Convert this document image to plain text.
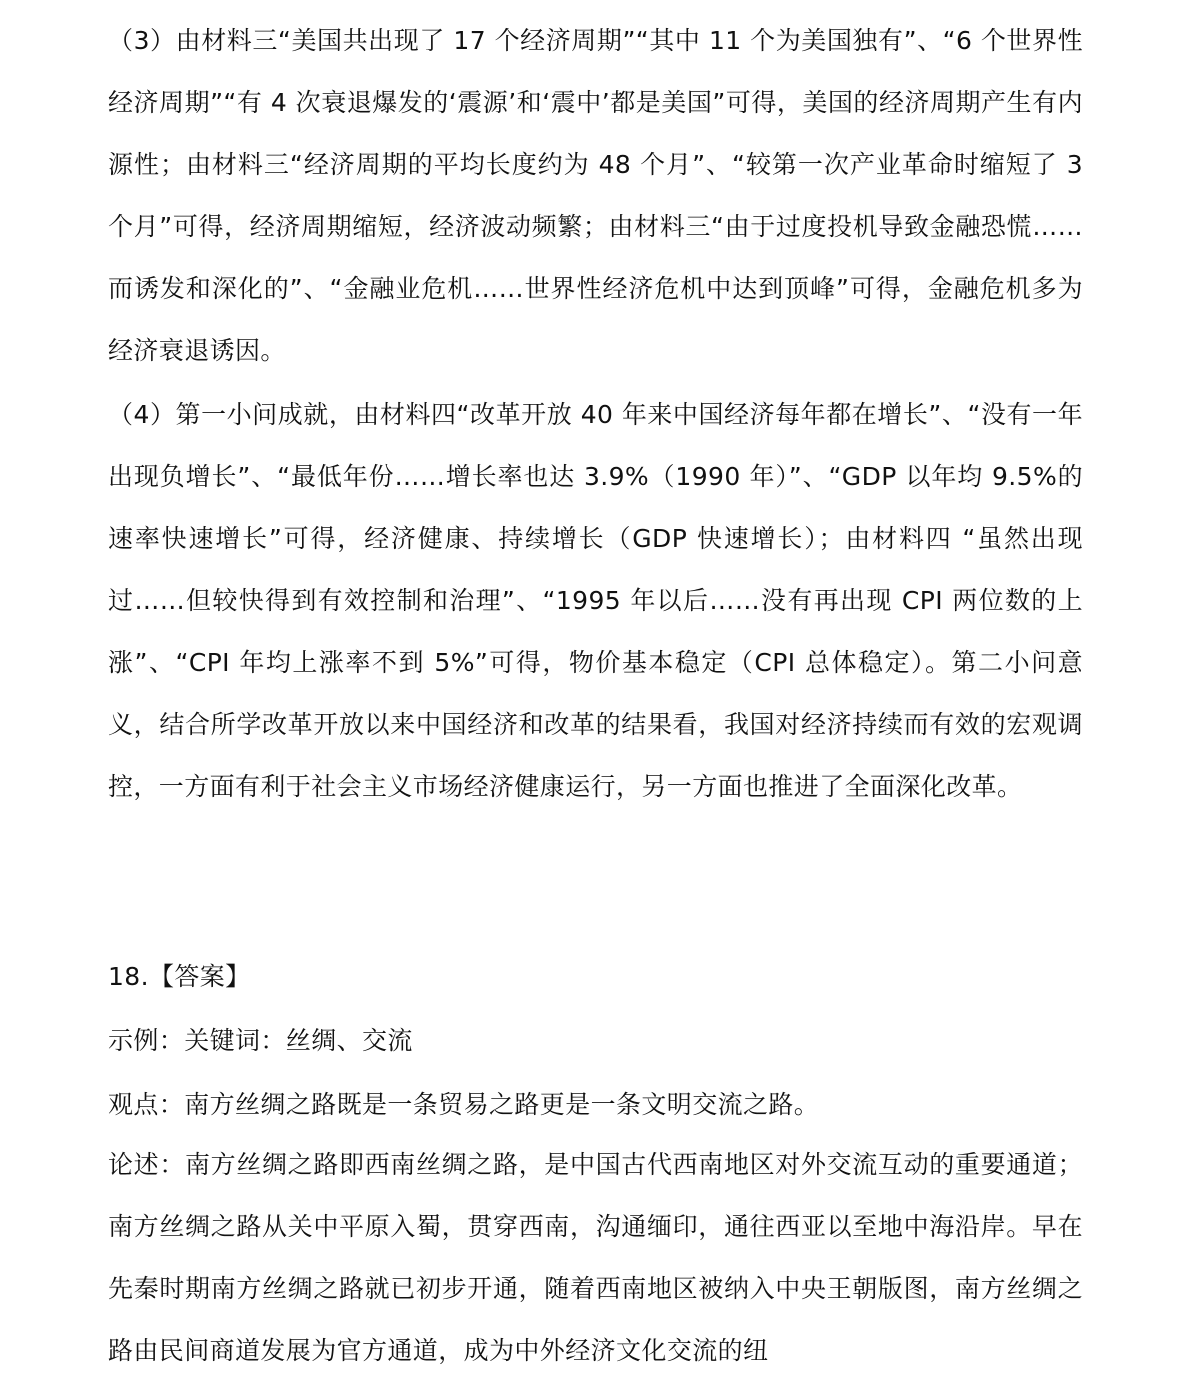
（3）由材料三“美国共出现了 17 个经济周期”“其中 11 个为美国独有”、“6 个世界性经济周期”“有 4 次衰退爆发的‘震源’和‘震中’都是美国”可得，美国的经济周期产生有内源性；由材料三“经济周期的平均长度约为 48 个月”、“较第一次产业革命时缩短了 3 个月”可得，经济周期缩短，经济波动频繁；由材料三“由于过度投机导致金融恐慌……而诱发和深化的”、“金融业危机……世界性经济危机中达到顶峰”可得，金融危机多为经济衰退诱因。

（4）第一小问成就，由材料四“改革开放 40 年来中国经济每年都在增长”、“没有一年出现负增长”、“最低年份……增长率也达 3.9%（1990 年）”、“GDP 以年均 9.5%的速率快速增长”可得，经济健康、持续增长（GDP 快速增长）；由材料四 “虽然出现过……但较快得到有效控制和治理”、“1995 年以后……没有再出现 CPI 两位数的上涨”、“CPI 年均上涨率不到 5%”可得，物价基本稳定（CPI 总体稳定）。第二小问意义，结合所学改革开放以来中国经济和改革的结果看，我国对经济持续而有效的宏观调控，一方面有利于社会主义市场经济健康运行，另一方面也推进了全面深化改革。

18.【答案】

示例：关键词：丝绸、交流

观点：南方丝绸之路既是一条贸易之路更是一条文明交流之路。

论述：南方丝绸之路即西南丝绸之路，是中国古代西南地区对外交流互动的重要通道；南方丝绸之路从关中平原入蜀，贯穿西南，沟通缅印，通往西亚以至地中海沿岸。早在先秦时期南方丝绸之路就已初步开通，随着西南地区被纳入中央王朝版图，南方丝绸之路由民间商道发展为官方通道，成为中外经济文化交流的纽
